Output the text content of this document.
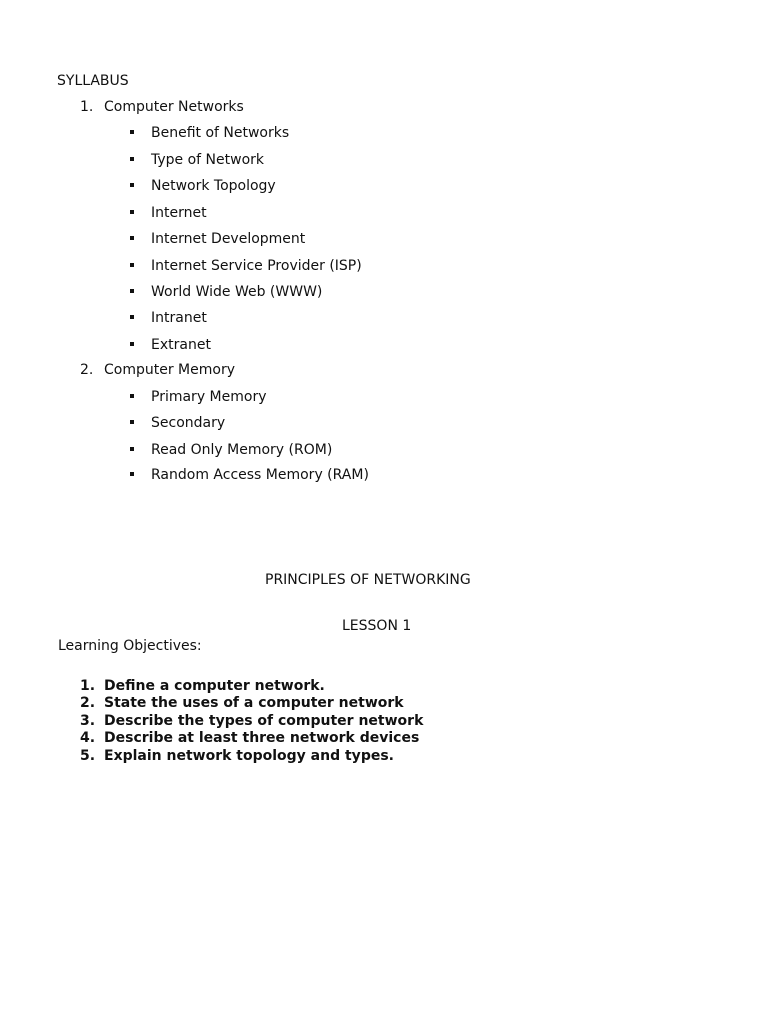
SYLLABUS
1. Computer Networks
Benefit of Networks
Type of Network
Network Topology
Internet
Internet Development
Internet Service Provider (ISP)
World Wide Web (WWW)
Intranet
Extranet
2. Computer Memory
Primary Memory
Secondary
Read Only Memory (ROM)
Random Access Memory (RAM)
PRINCIPLES OF NETWORKING
LESSON 1
Learning Objectives:
1. Define a computer network.
2. State the uses of a computer network
3. Describe the types of computer network
4. Describe at least three network devices
5. Explain network topology and types.
